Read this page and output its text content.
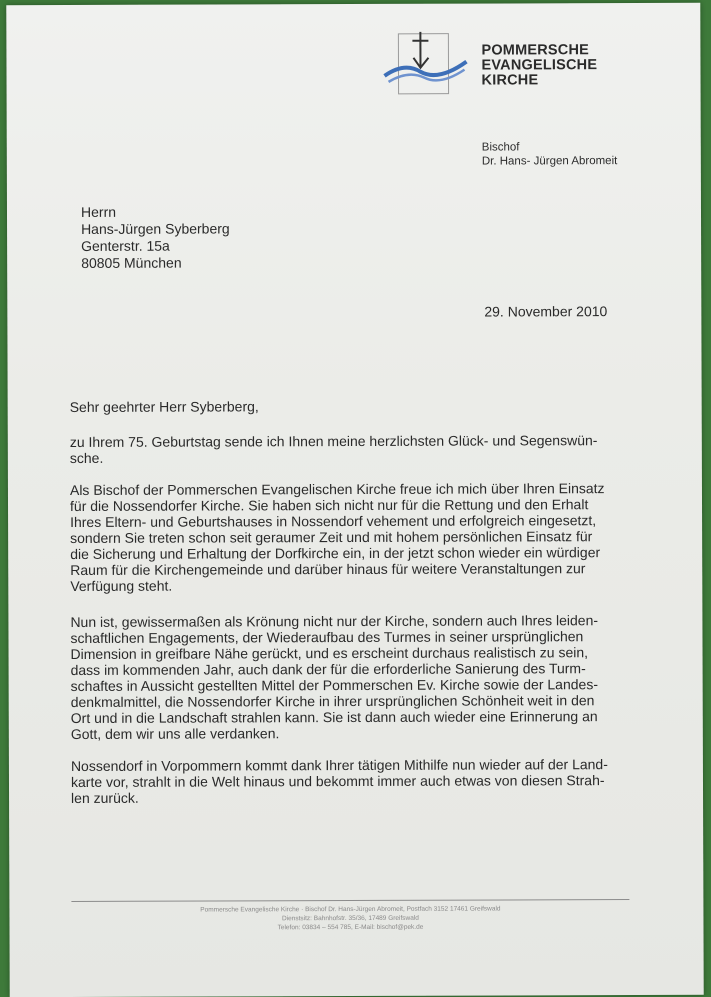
POMMERSCHE
EVANGELISCHE
KIRCHE
Bischof
Dr. Hans- Jürgen Abromeit
Herrn
Hans-Jürgen Syberberg
Genterstr. 15a
80805 München
29. November 2010
Sehr geehrter Herr Syberberg,
zu Ihrem 75. Geburtstag sende ich Ihnen meine herzlichsten Glück- und Segenswün-
sche.
Als Bischof der Pommerschen Evangelischen Kirche freue ich mich über Ihren Einsatz
für die Nossendorfer Kirche. Sie haben sich nicht nur für die Rettung und den Erhalt
Ihres Eltern- und Geburtshauses in Nossendorf vehement und erfolgreich eingesetzt,
sondern Sie treten schon seit geraumer Zeit und mit hohem persönlichen Einsatz für
die Sicherung und Erhaltung der Dorfkirche ein, in der jetzt schon wieder ein würdiger
Raum für die Kirchengemeinde und darüber hinaus für weitere Veranstaltungen zur
Verfügung steht.
Nun ist, gewissermaßen als Krönung nicht nur der Kirche, sondern auch Ihres leiden-
schaftlichen Engagements, der Wiederaufbau des Turmes in seiner ursprünglichen
Dimension in greifbare Nähe gerückt, und es erscheint durchaus realistisch zu sein,
dass im kommenden Jahr, auch dank der für die erforderliche Sanierung des Turm-
schaftes in Aussicht gestellten Mittel der Pommerschen Ev. Kirche sowie der Landes-
denkmalmittel, die Nossendorfer Kirche in ihrer ursprünglichen Schönheit weit in den
Ort und in die Landschaft strahlen kann. Sie ist dann auch wieder eine Erinnerung an
Gott, dem wir uns alle verdanken.
Nossendorf in Vorpommern kommt dank Ihrer tätigen Mithilfe nun wieder auf der Land-
karte vor, strahlt in die Welt hinaus und bekommt immer auch etwas von diesen Strah-
len zurück.
Pommersche Evangelische Kirche · Bischof Dr. Hans-Jürgen Abromeit, Postfach 3152 17461 Greifswald
Dienstsitz: Bahnhofstr. 35/36, 17489 Greifswald
Telefon: 03834 – 554 785, E-Mail: bischof@pek.de
